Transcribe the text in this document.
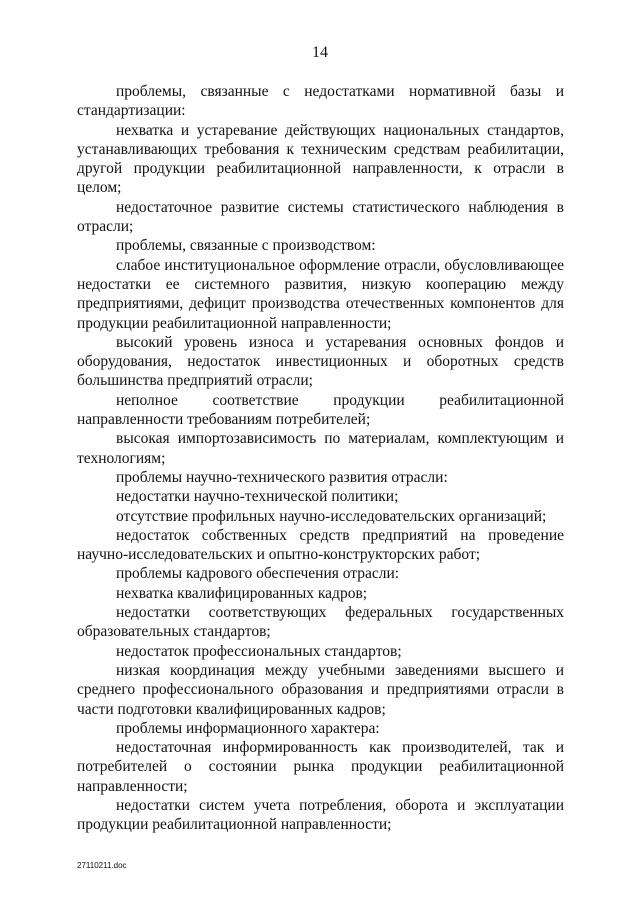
14

проблемы, связанные с недостатками нормативной базы и стандартизации:

нехватка и устаревание действующих национальных стандартов, устанавливающих требования к техническим средствам реабилитации, другой продукции реабилитационной направленности, к отрасли в целом;

недостаточное развитие системы статистического наблюдения в отрасли;

проблемы, связанные с производством:

слабое институциональное оформление отрасли, обусловливающее недостатки ее системного развития, низкую кооперацию между предприятиями, дефицит производства отечественных компонентов для продукции реабилитационной направленности;

высокий уровень износа и устаревания основных фондов и оборудования, недостаток инвестиционных и оборотных средств большинства предприятий отрасли;

неполное соответствие продукции реабилитационной направленности требованиям потребителей;

высокая импортозависимость по материалам, комплектующим и технологиям;

проблемы научно-технического развития отрасли:

недостатки научно-технической политики;

отсутствие профильных научно-исследовательских организаций;

недостаток собственных средств предприятий на проведение научно-исследовательских и опытно-конструкторских работ;

проблемы кадрового обеспечения отрасли:

нехватка квалифицированных кадров;

недостатки соответствующих федеральных государственных образовательных стандартов;

недостаток профессиональных стандартов;

низкая координация между учебными заведениями высшего и среднего профессионального образования и предприятиями отрасли в части подготовки квалифицированных кадров;

проблемы информационного характера:

недостаточная информированность как производителей, так и потребителей о состоянии рынка продукции реабилитационной направленности;

недостатки систем учета потребления, оборота и эксплуатации продукции реабилитационной направленности;

27110211.doc
